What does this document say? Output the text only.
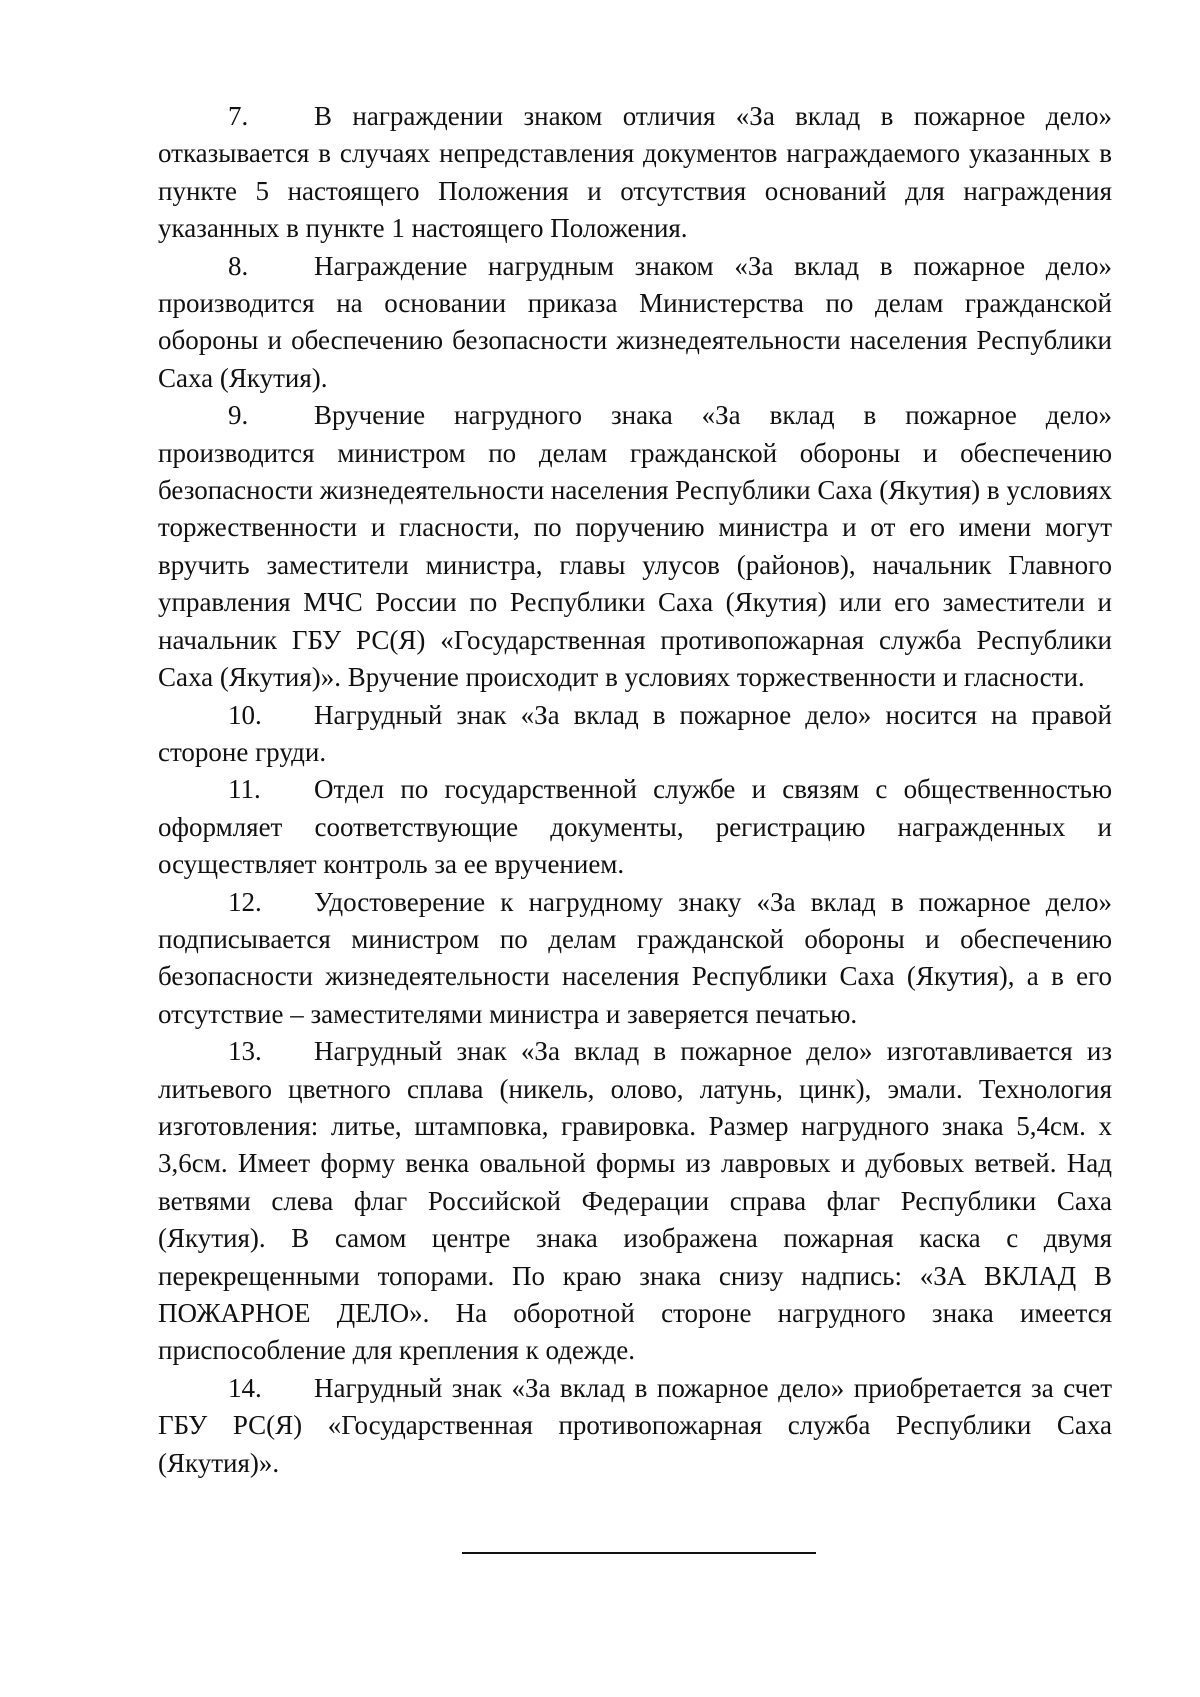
7. В награждении знаком отличия «За вклад в пожарное дело» отказывается в случаях непредставления документов награждаемого указанных в пункте 5 настоящего Положения и отсутствия оснований для награждения указанных в пункте 1 настоящего Положения.

8. Награждение нагрудным знаком «За вклад в пожарное дело» производится на основании приказа Министерства по делам гражданской обороны и обеспечению безопасности жизнедеятельности населения Республики Саха (Якутия).

9. Вручение нагрудного знака «За вклад в пожарное дело» производится министром по делам гражданской обороны и обеспечению безопасности жизнедеятельности населения Республики Саха (Якутия) в условиях торжественности и гласности, по поручению министра и от его имени могут вручить заместители министра, главы улусов (районов), начальник Главного управления МЧС России по Республики Саха (Якутия) или его заместители и начальник ГБУ РС(Я) «Государственная противопожарная служба Республики Саха (Якутия)». Вручение происходит в условиях торжественности и гласности.

10. Нагрудный знак «За вклад в пожарное дело» носится на правой стороне груди.

11. Отдел по государственной службе и связям с общественностью оформляет соответствующие документы, регистрацию награжденных и осуществляет контроль за ее вручением.

12. Удостоверение к нагрудному знаку «За вклад в пожарное дело» подписывается министром по делам гражданской обороны и обеспечению безопасности жизнедеятельности населения Республики Саха (Якутия), а в его отсутствие – заместителями министра и заверяется печатью.

13. Нагрудный знак «За вклад в пожарное дело» изготавливается из литьевого цветного сплава (никель, олово, латунь, цинк), эмали. Технология изготовления: литье, штамповка, гравировка. Размер нагрудного знака 5,4см. х 3,6см. Имеет форму венка овальной формы из лавровых и дубовых ветвей. Над ветвями слева флаг Российской Федерации справа флаг Республики Саха (Якутия). В самом центре знака изображена пожарная каска с двумя перекрещенными топорами. По краю знака снизу надпись: «ЗА ВКЛАД В ПОЖАРНОЕ ДЕЛО». На оборотной стороне нагрудного знака имеется приспособление для крепления к одежде.

14. Нагрудный знак «За вклад в пожарное дело» приобретается за счет ГБУ РС(Я) «Государственная противопожарная служба Республики Саха (Якутия)».
